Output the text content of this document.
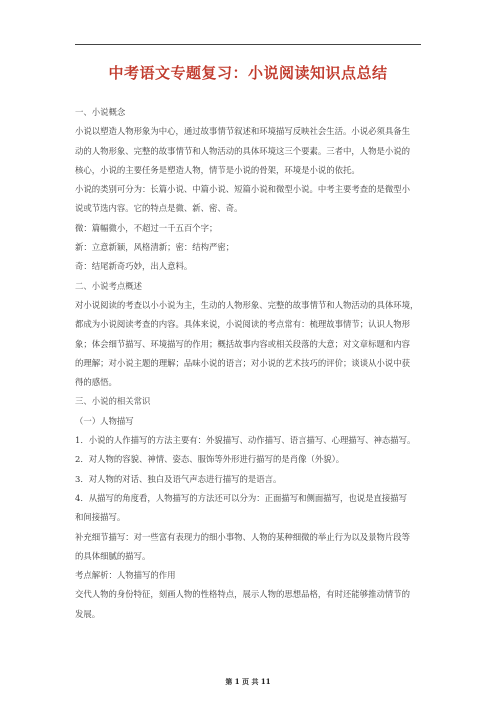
中考语文专题复习：小说阅读知识点总结

一、小说概念

小说以塑造人物形象为中心，通过故事情节叙述和环境描写反映社会生活。小说必须具备生

动的人物形象、完整的故事情节和人物活动的具体环境这三个要素。三者中，人物是小说的

核心，小说的主要任务是塑造人物，情节是小说的骨架，环境是小说的依托。

小说的类别可分为：长篇小说、中篇小说、短篇小说和微型小说。中考主要考查的是微型小

说或节选内容。它的特点是微、新、密、奇。

微：篇幅微小，不超过一千五百个字；

新：立意新颖，风格清新；密：结构严密；

奇：结尾新奇巧妙，出人意料。

二、小说考点概述

对小说阅读的考查以小小说为主，生动的人物形象、完整的故事情节和人物活动的具体环境，

都成为小说阅读考查的内容。具体来说，小说阅读的考点常有：梳理故事情节；认识人物形

象；体会细节描写、环境描写的作用；概括故事内容或相关段落的大意；对文章标题和内容

的理解；对小说主题的理解；品味小说的语言；对小说的艺术技巧的评价；谈谈从小说中获

得的感悟。

三、小说的相关常识

（一）人物描写

1．小说的人作描写的方法主要有：外貌描写、动作描写、语言描写、心理描写、神态描写。

2．对人物的容貌、神情、姿态、服饰等外形进行描写的是肖像（外貌）。

3．对人物的对话、独白及语气声态进行描写的是语言。

4．从描写的角度看，人物描写的方法还可以分为：正面描写和侧面描写，也说是直接描写

和间接描写。

补充细节描写：对一些富有表现力的细小事物、人物的某种细微的举止行为以及景物片段等

的具体细腻的描写。

考点解析：人物描写的作用

交代人物的身份特征，刻画人物的性格特点，展示人物的思想品格，有时还能够推动情节的

发展。

第 1 页 共 11
